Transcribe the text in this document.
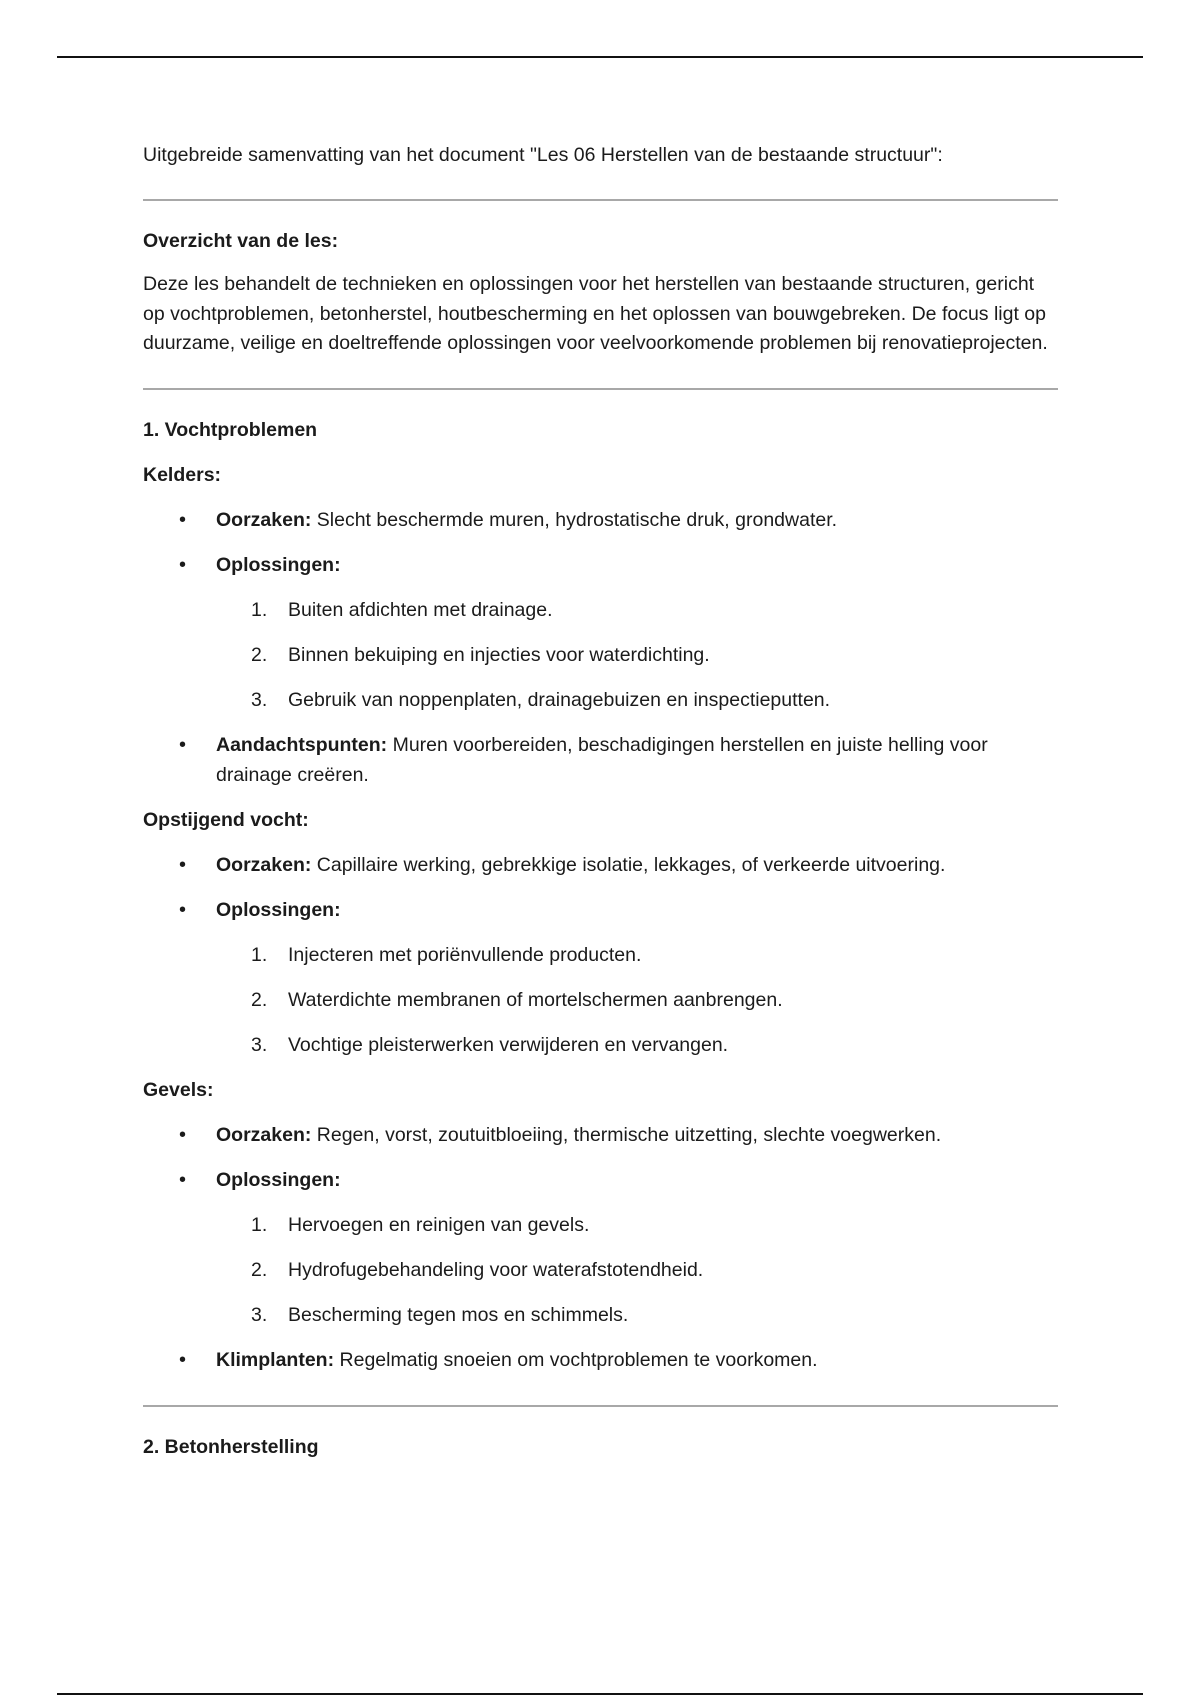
Uitgebreide samenvatting van het document "Les 06 Herstellen van de bestaande structuur":

Overzicht van de les:

Deze les behandelt de technieken en oplossingen voor het herstellen van bestaande structuren, gericht op vochtproblemen, betonherstel, houtbescherming en het oplossen van bouwgebreken. De focus ligt op duurzame, veilige en doeltreffende oplossingen voor veelvoorkomende problemen bij renovatieprojecten.

1. Vochtproblemen

Kelders:

• Oorzaken: Slecht beschermde muren, hydrostatische druk, grondwater.
• Oplossingen:
1. Buiten afdichten met drainage.
2. Binnen bekuiping en injecties voor waterdichting.
3. Gebruik van noppenplaten, drainagebuizen en inspectieputten.
• Aandachtspunten: Muren voorbereiden, beschadigingen herstellen en juiste helling voor drainage creëren.

Opstijgend vocht:

• Oorzaken: Capillaire werking, gebrekkige isolatie, lekkages, of verkeerde uitvoering.
• Oplossingen:
1. Injecteren met poriënvullende producten.
2. Waterdichte membranen of mortelschermen aanbrengen.
3. Vochtige pleisterwerken verwijderen en vervangen.

Gevels:

• Oorzaken: Regen, vorst, zoutuitbloeiing, thermische uitzetting, slechte voegwerken.
• Oplossingen:
1. Hervoegen en reinigen van gevels.
2. Hydrofugebehandeling voor waterafstotendheid.
3. Bescherming tegen mos en schimmels.
• Klimplanten: Regelmatig snoeien om vochtproblemen te voorkomen.

2. Betonherstelling
